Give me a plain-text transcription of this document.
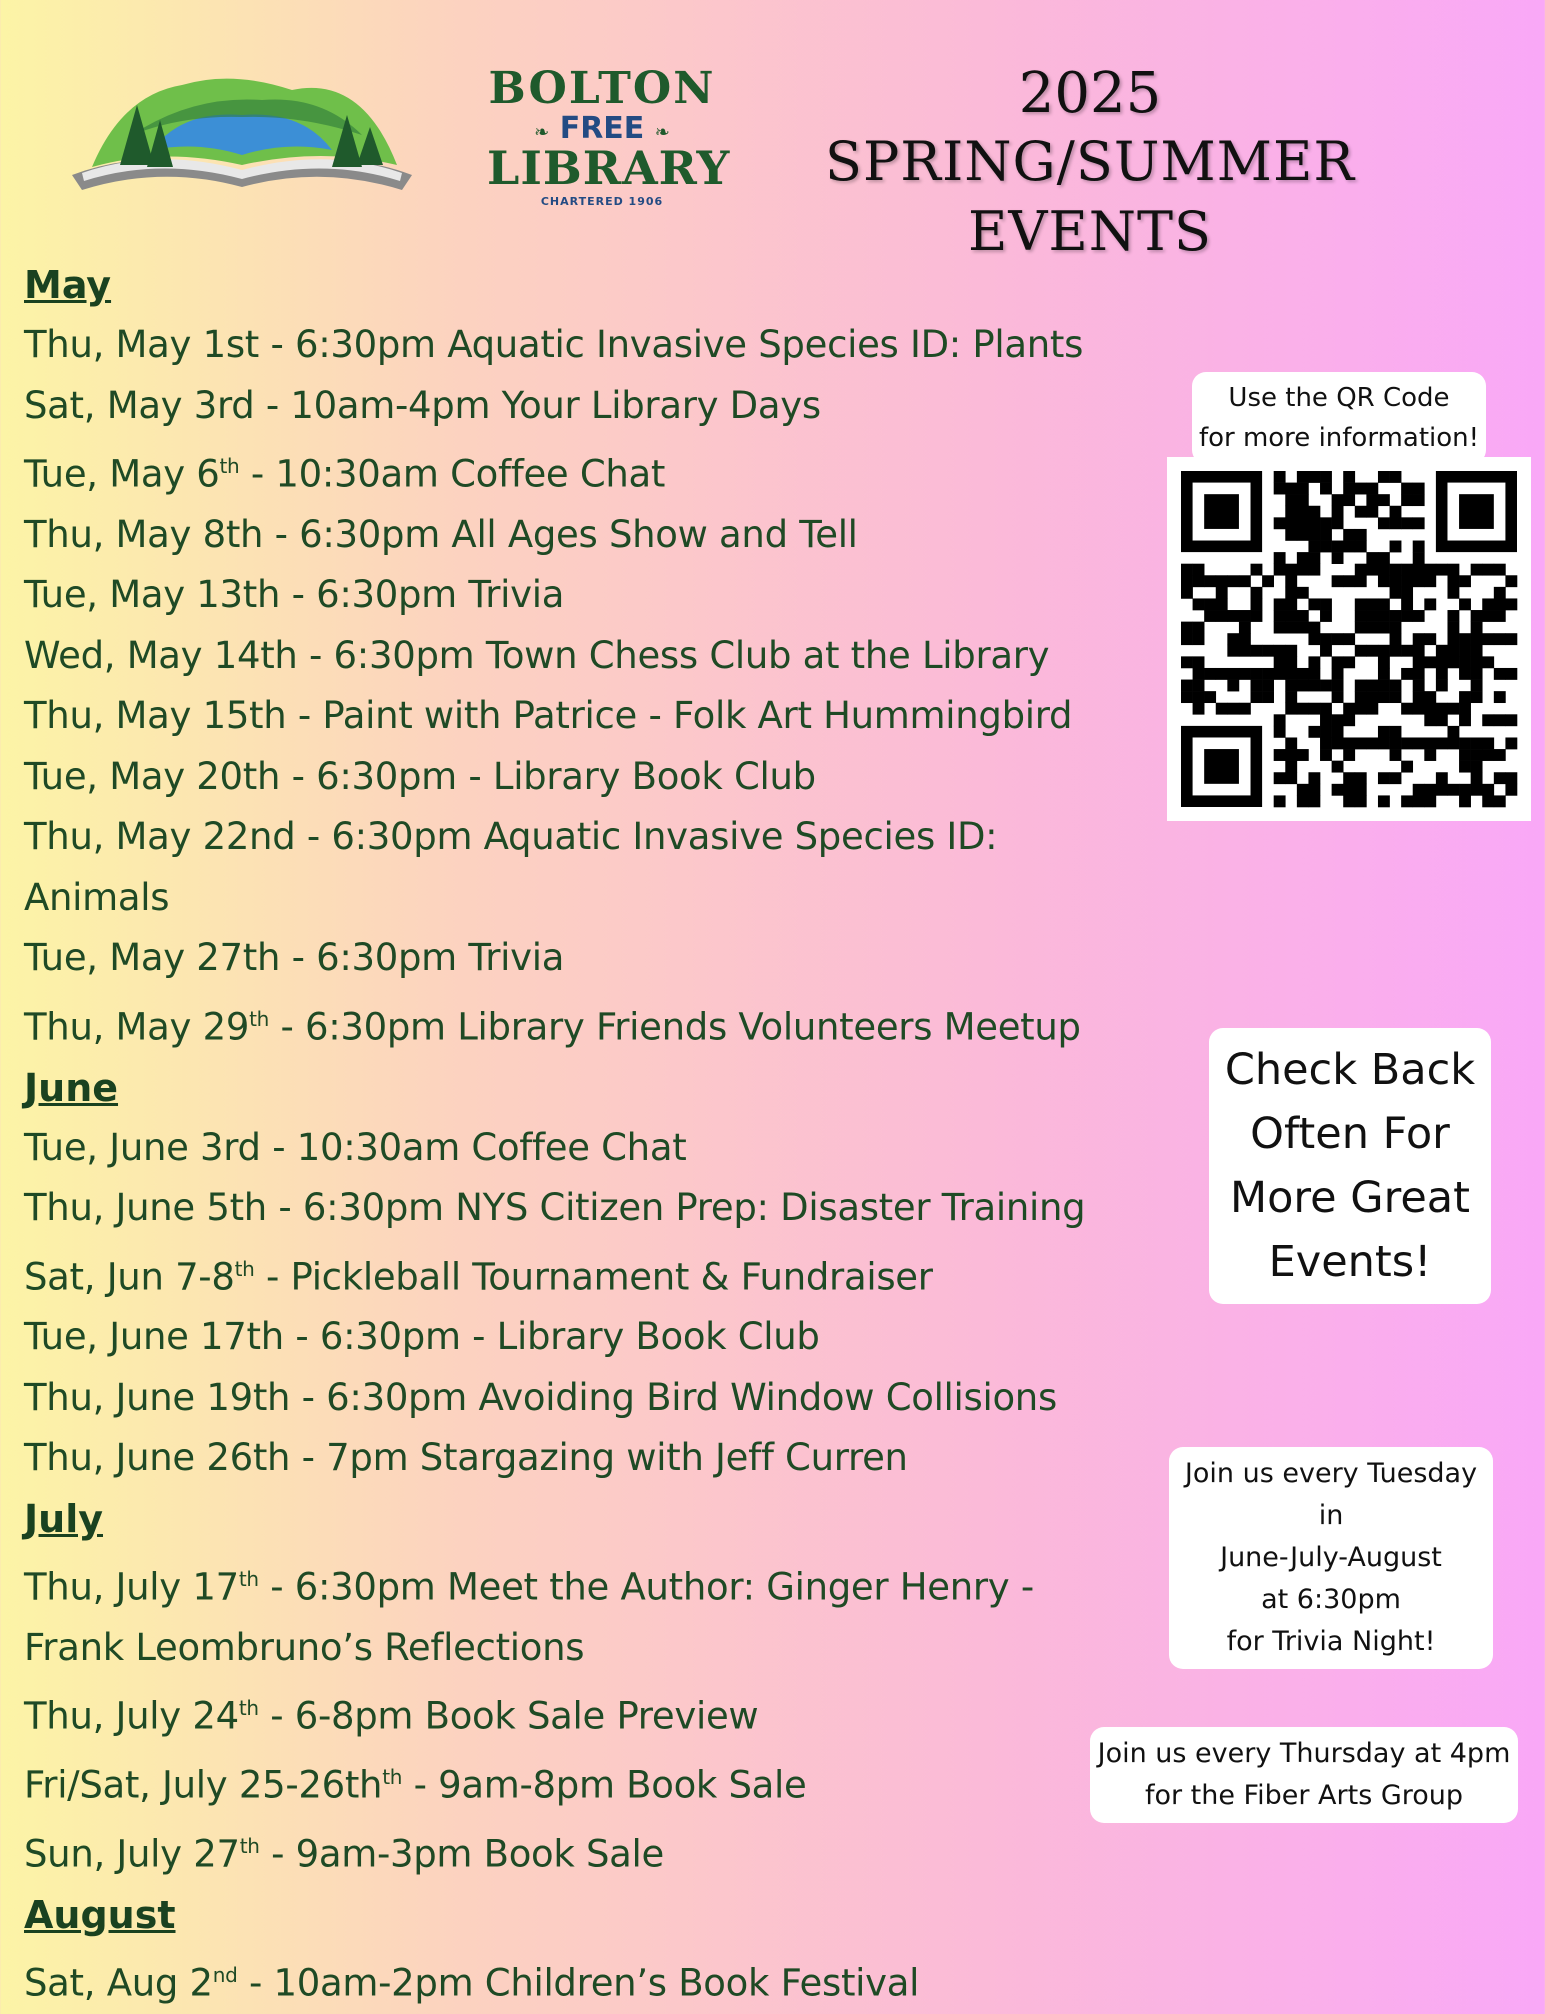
BOLTON
❧ FREE ❧
LIBRARY
CHARTERED 1906
2025
SPRING/SUMMER EVENTS
May
Thu, May 1st - 6:30pm Aquatic Invasive Species ID: Plants
Sat, May 3rd - 10am-4pm Your Library Days
Tue, May 6th - 10:30am Coffee Chat
Thu, May 8th - 6:30pm All Ages Show and Tell
Tue, May 13th - 6:30pm Trivia
Wed, May 14th - 6:30pm Town Chess Club at the Library
Thu, May 15th - Paint with Patrice - Folk Art Hummingbird
Tue, May 20th - 6:30pm - Library Book Club
Thu, May 22nd - 6:30pm Aquatic Invasive Species ID:
Animals
Tue, May 27th - 6:30pm Trivia
Thu, May 29th - 6:30pm Library Friends Volunteers Meetup
June
Tue, June 3rd - 10:30am Coffee Chat
Thu, June 5th - 6:30pm NYS Citizen Prep: Disaster Training
Sat, Jun 7-8th - Pickleball Tournament & Fundraiser
Tue, June 17th - 6:30pm - Library Book Club
Thu, June 19th - 6:30pm Avoiding Bird Window Collisions
Thu, June 26th - 7pm Stargazing with Jeff Curren
July
Thu, July 17th - 6:30pm Meet the Author: Ginger Henry -
Frank Leombruno’s Reflections
Thu, July 24th - 6-8pm Book Sale Preview
Fri/Sat, July $25-26th^{th} - 9am-8pm$ Book Sale
Sun, July 27th - 9am-3pm Book Sale
August
Sat, Aug 2nd - 10am-2pm Children’s Book Festival
Use the QR Code
for more information!
Check Back
Often For
More Great
Events!
Join us every Tuesday in
June-July-August
at 6:30pm
for Trivia Night!
Join us every Thursday at 4pm
for the Fiber Arts Group
